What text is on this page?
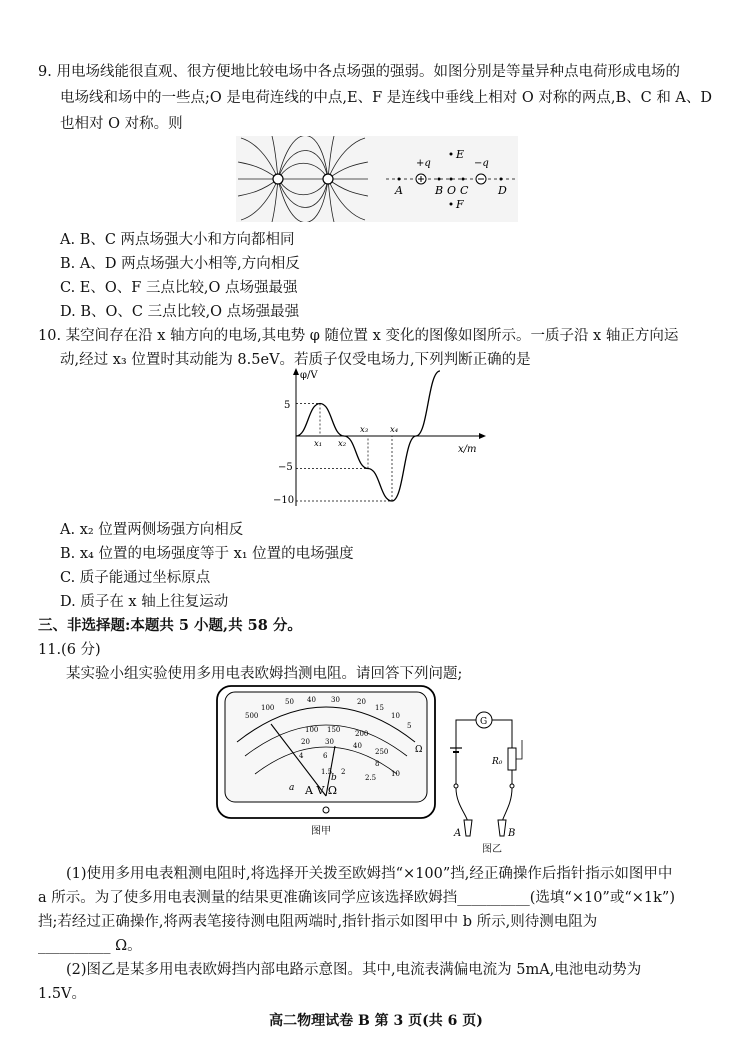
9. 用电场线能很直观、很方便地比较电场中各点场强的强弱。如图分别是等量异种点电荷形成电场的
电场线和场中的一些点;O 是电荷连线的中点,E、F 是连线中垂线上相对 O 对称的两点,B、C 和 A、D
也相对 O 对称。则
+q	−q
E
F
A	B O C	D
A. B、C 两点场强大小和方向都相同
B. A、D 两点场强大小相等,方向相反
C. E、O、F 三点比较,O 点场强最强
D. B、O、C 三点比较,O 点场强最强
10. 某空间存在沿 x 轴方向的电场,其电势 φ 随位置 x 变化的图像如图所示。一质子沿 x 轴正方向运
动,经过 x₃ 位置时其动能为 8.5eV。若质子仅受电场力,下列判断正确的是
φ/V
x/m
5
−5
−10
x₁ x₂
x₃	x₄
A. x₂ 位置两侧场强方向相反
B. x₄ 位置的电场强度等于 x₁ 位置的电场强度
C. 质子能通过坐标原点
D. 质子在 x 轴上往复运动
三、非选择题:本题共 5 小题,共 58 分。
11.(6 分)
某实验小组实验使用多用电表欧姆挡测电阻。请回答下列问题;
500
100
50 40 30 20
15
10
5
100 150 200
20 30	40
250
4	6
8
10
1.5 2
2.5
Ω
a
b
A V Ω
图甲
G
R₀
A	B
图乙
(1)使用多用电表粗测电阻时,将选择开关拨至欧姆挡“×100”挡,经正确操作后指针指示如图甲中
a 所示。为了使多用电表测量的结果更准确该同学应该选择欧姆挡__________(选填“×10”或“×1k”)
挡;若经过正确操作,将两表笔接待测电阻两端时,指针指示如图甲中 b 所示,则待测电阻为
__________ Ω。
(2)图乙是某多用电表欧姆挡内部电路示意图。其中,电流表满偏电流为 5mA,电池电动势为
1.5V。
高二物理试卷 B 第 3 页(共 6 页)
